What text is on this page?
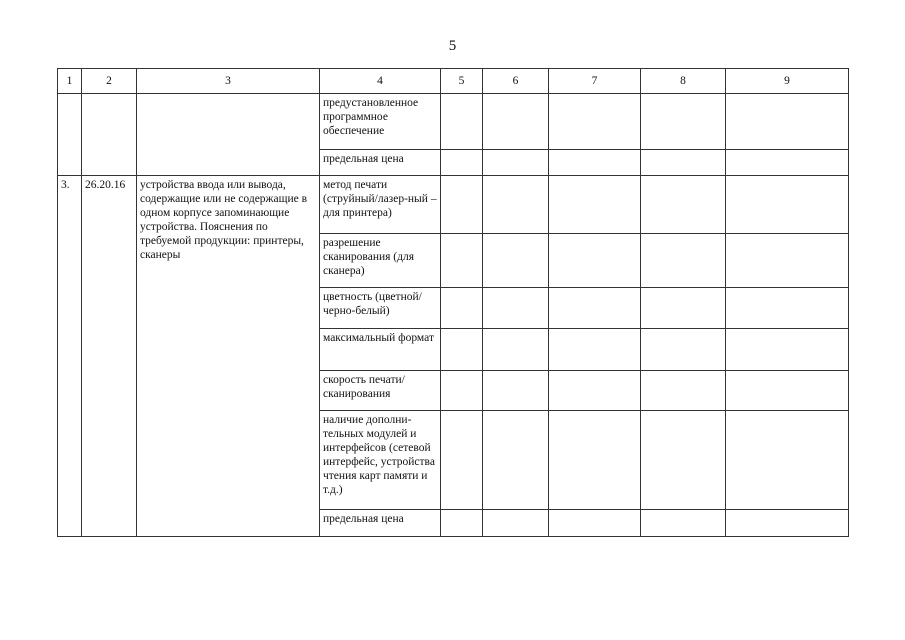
5
1	2	3	4	5	6	7	8	9
			предустановленное программное обеспечение					
			предельная цена					
3.	26.20.16	устройства ввода или вывода, содержащие или не содержащие в одном корпусе запоминающие устройства. Пояснения по требуемой продукции: принтеры, сканеры	метод печати (струйный/лазер-ный – для принтера)					
			разрешение сканирования (для сканера)					
			цветность (цветной/ черно-белый)					
			максимальный формат					
			скорость печати/ сканирования					
			наличие дополни-тельных модулей и интерфейсов (сетевой интерфейс, устройства чтения карт памяти и т.д.)					
			предельная цена					
